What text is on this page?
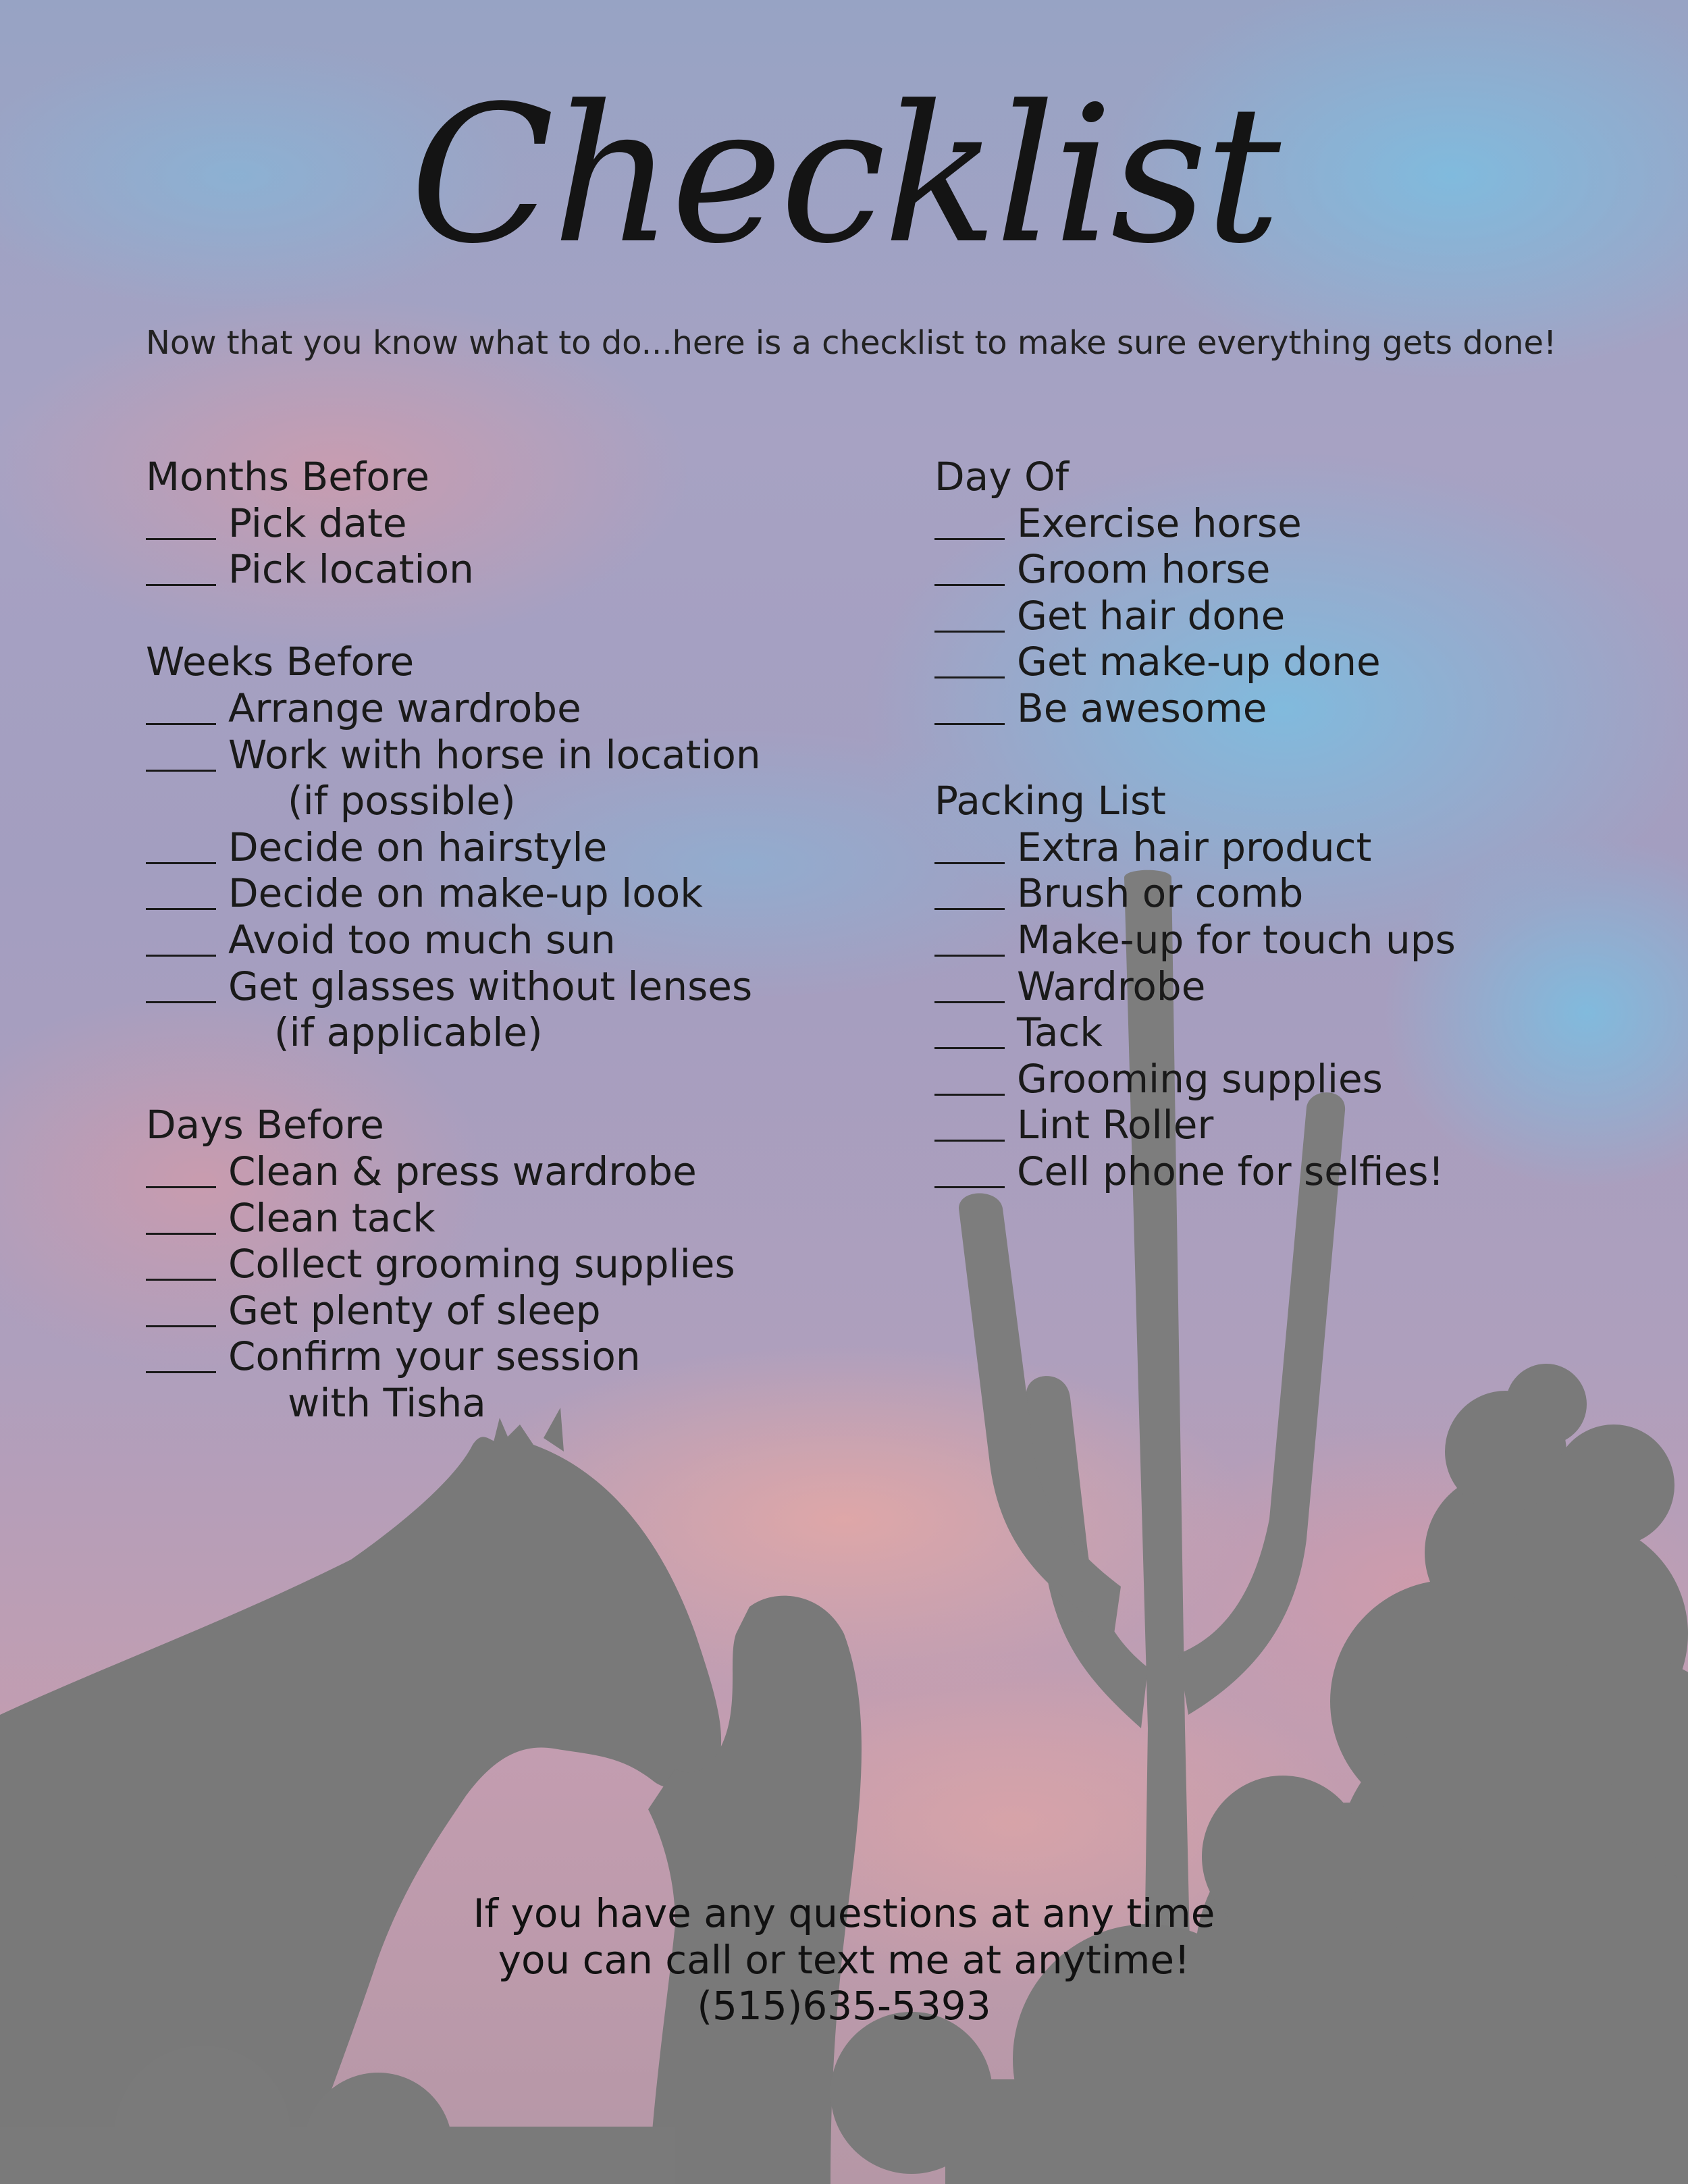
Checklist
Now that you know what to do...here is a checklist to make sure everything gets done!
Months Before
Pick date
Pick location
Weeks Before
Arrange wardrobe
Work with horse in location
(if possible)
Decide on hairstyle
Decide on make-up look
Avoid too much sun
Get glasses without lenses
(if applicable)
Days Before
Clean & press wardrobe
Clean tack
Collect grooming supplies
Get plenty of sleep
Confirm your session
with Tisha
Day Of
Exercise horse
Groom horse
Get hair done
Get make-up done
Be awesome
Packing List
Extra hair product
Brush or comb
Make-up for touch ups
Wardrobe
Tack
Grooming supplies
Lint Roller
Cell phone for selfies!
If you have any questions at any time
you can call or text me at anytime!
(515)635-5393
